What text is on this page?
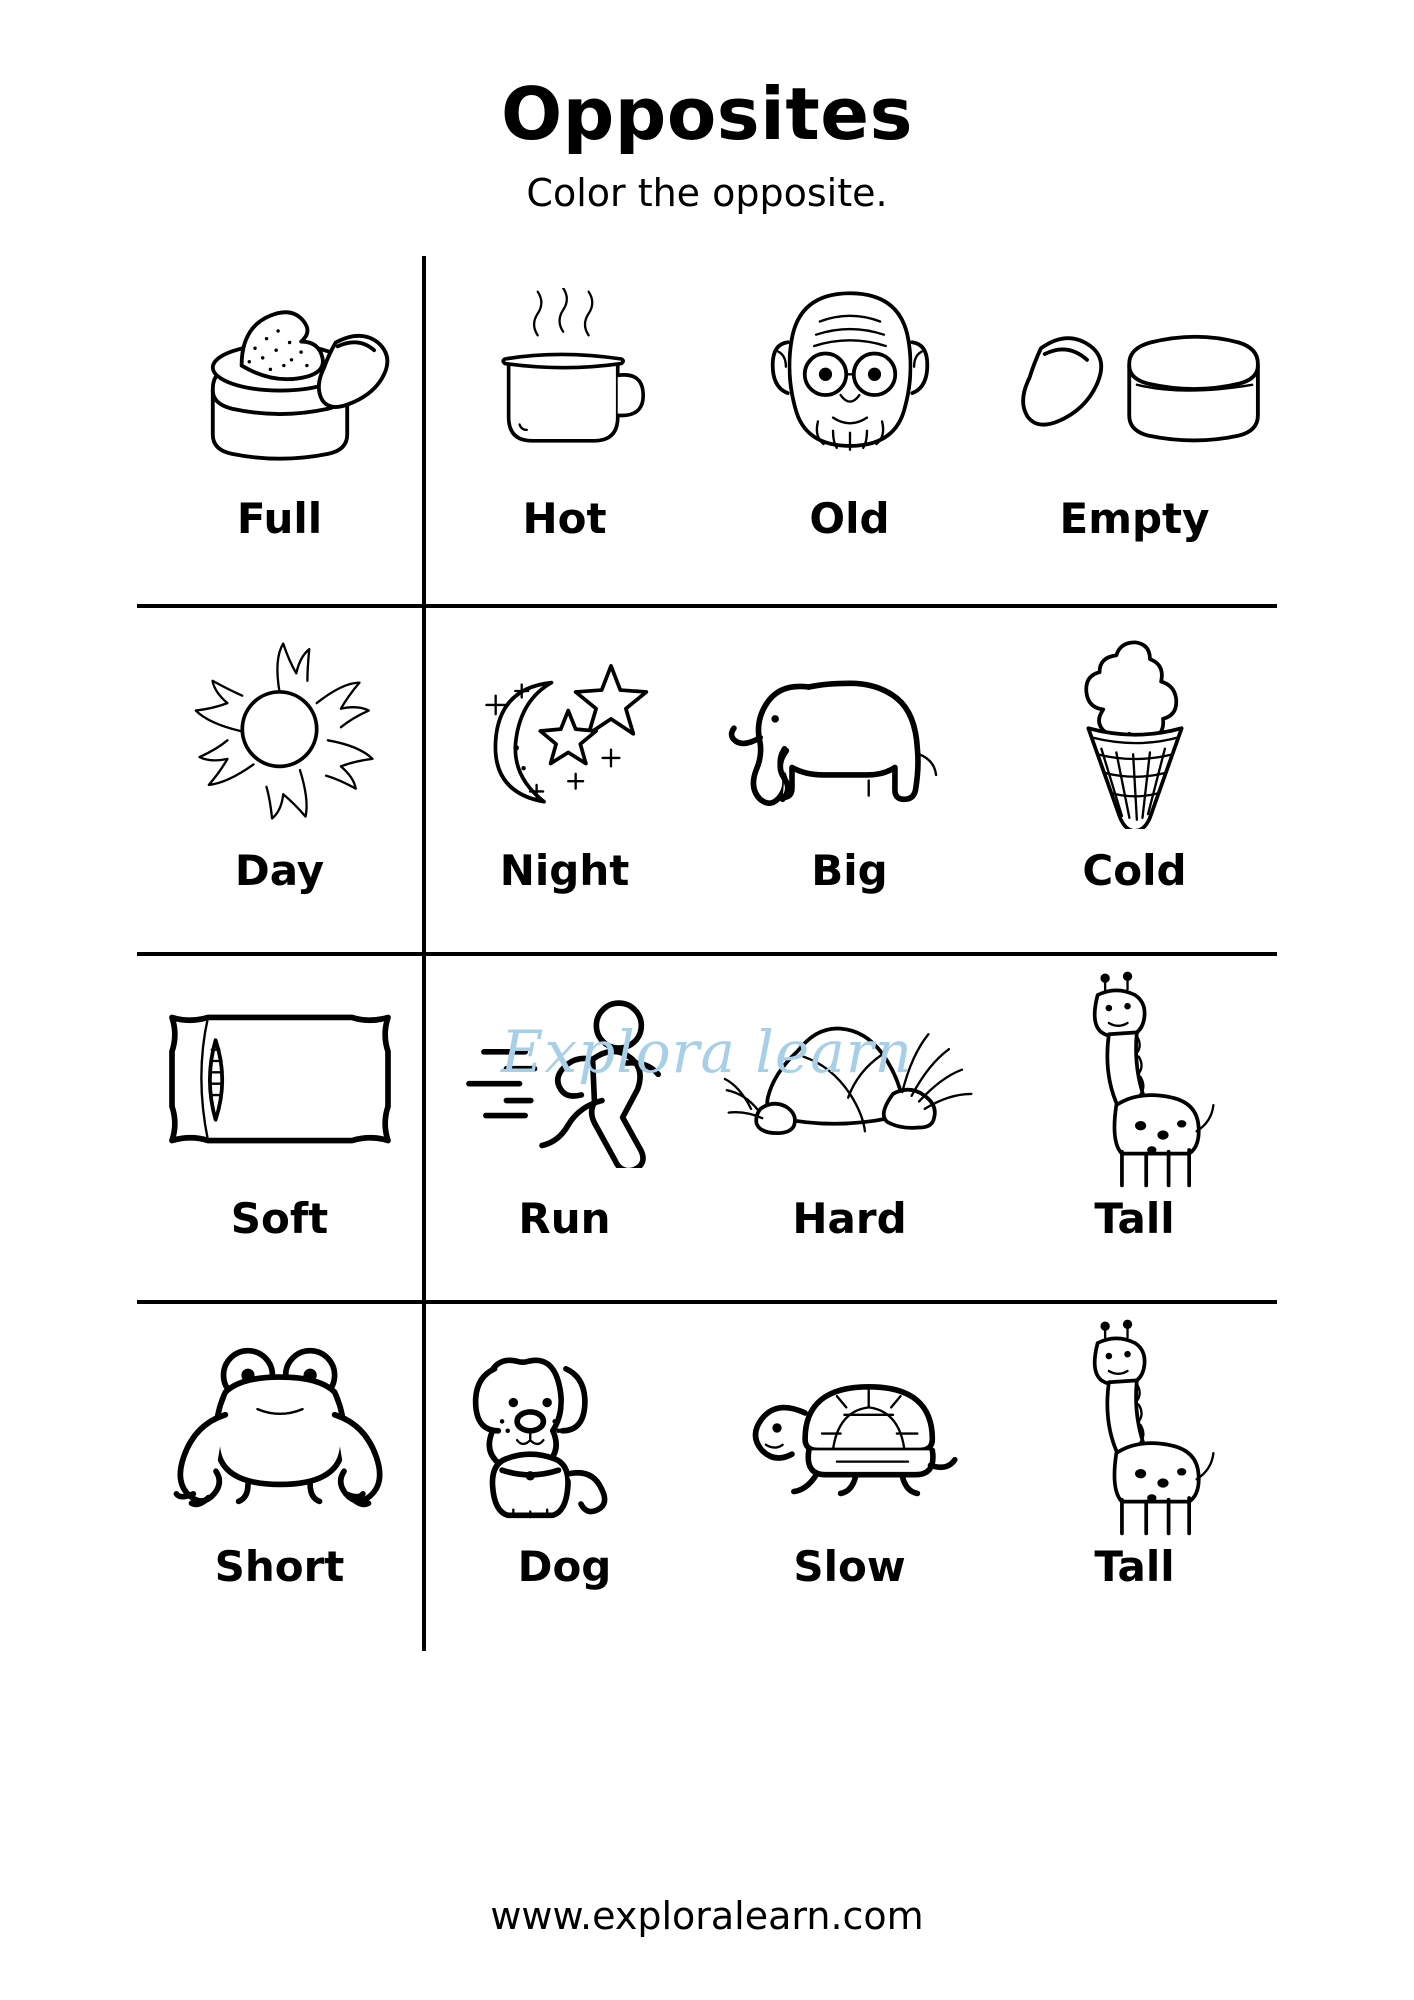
Opposites

Color the opposite.

Full	Hot	Old	Empty
Day	Night	Big	Cold
Soft	Run	Hard	Tall
Short	Dog	Slow	Tall
Explora learn
www.exploralearn.com
